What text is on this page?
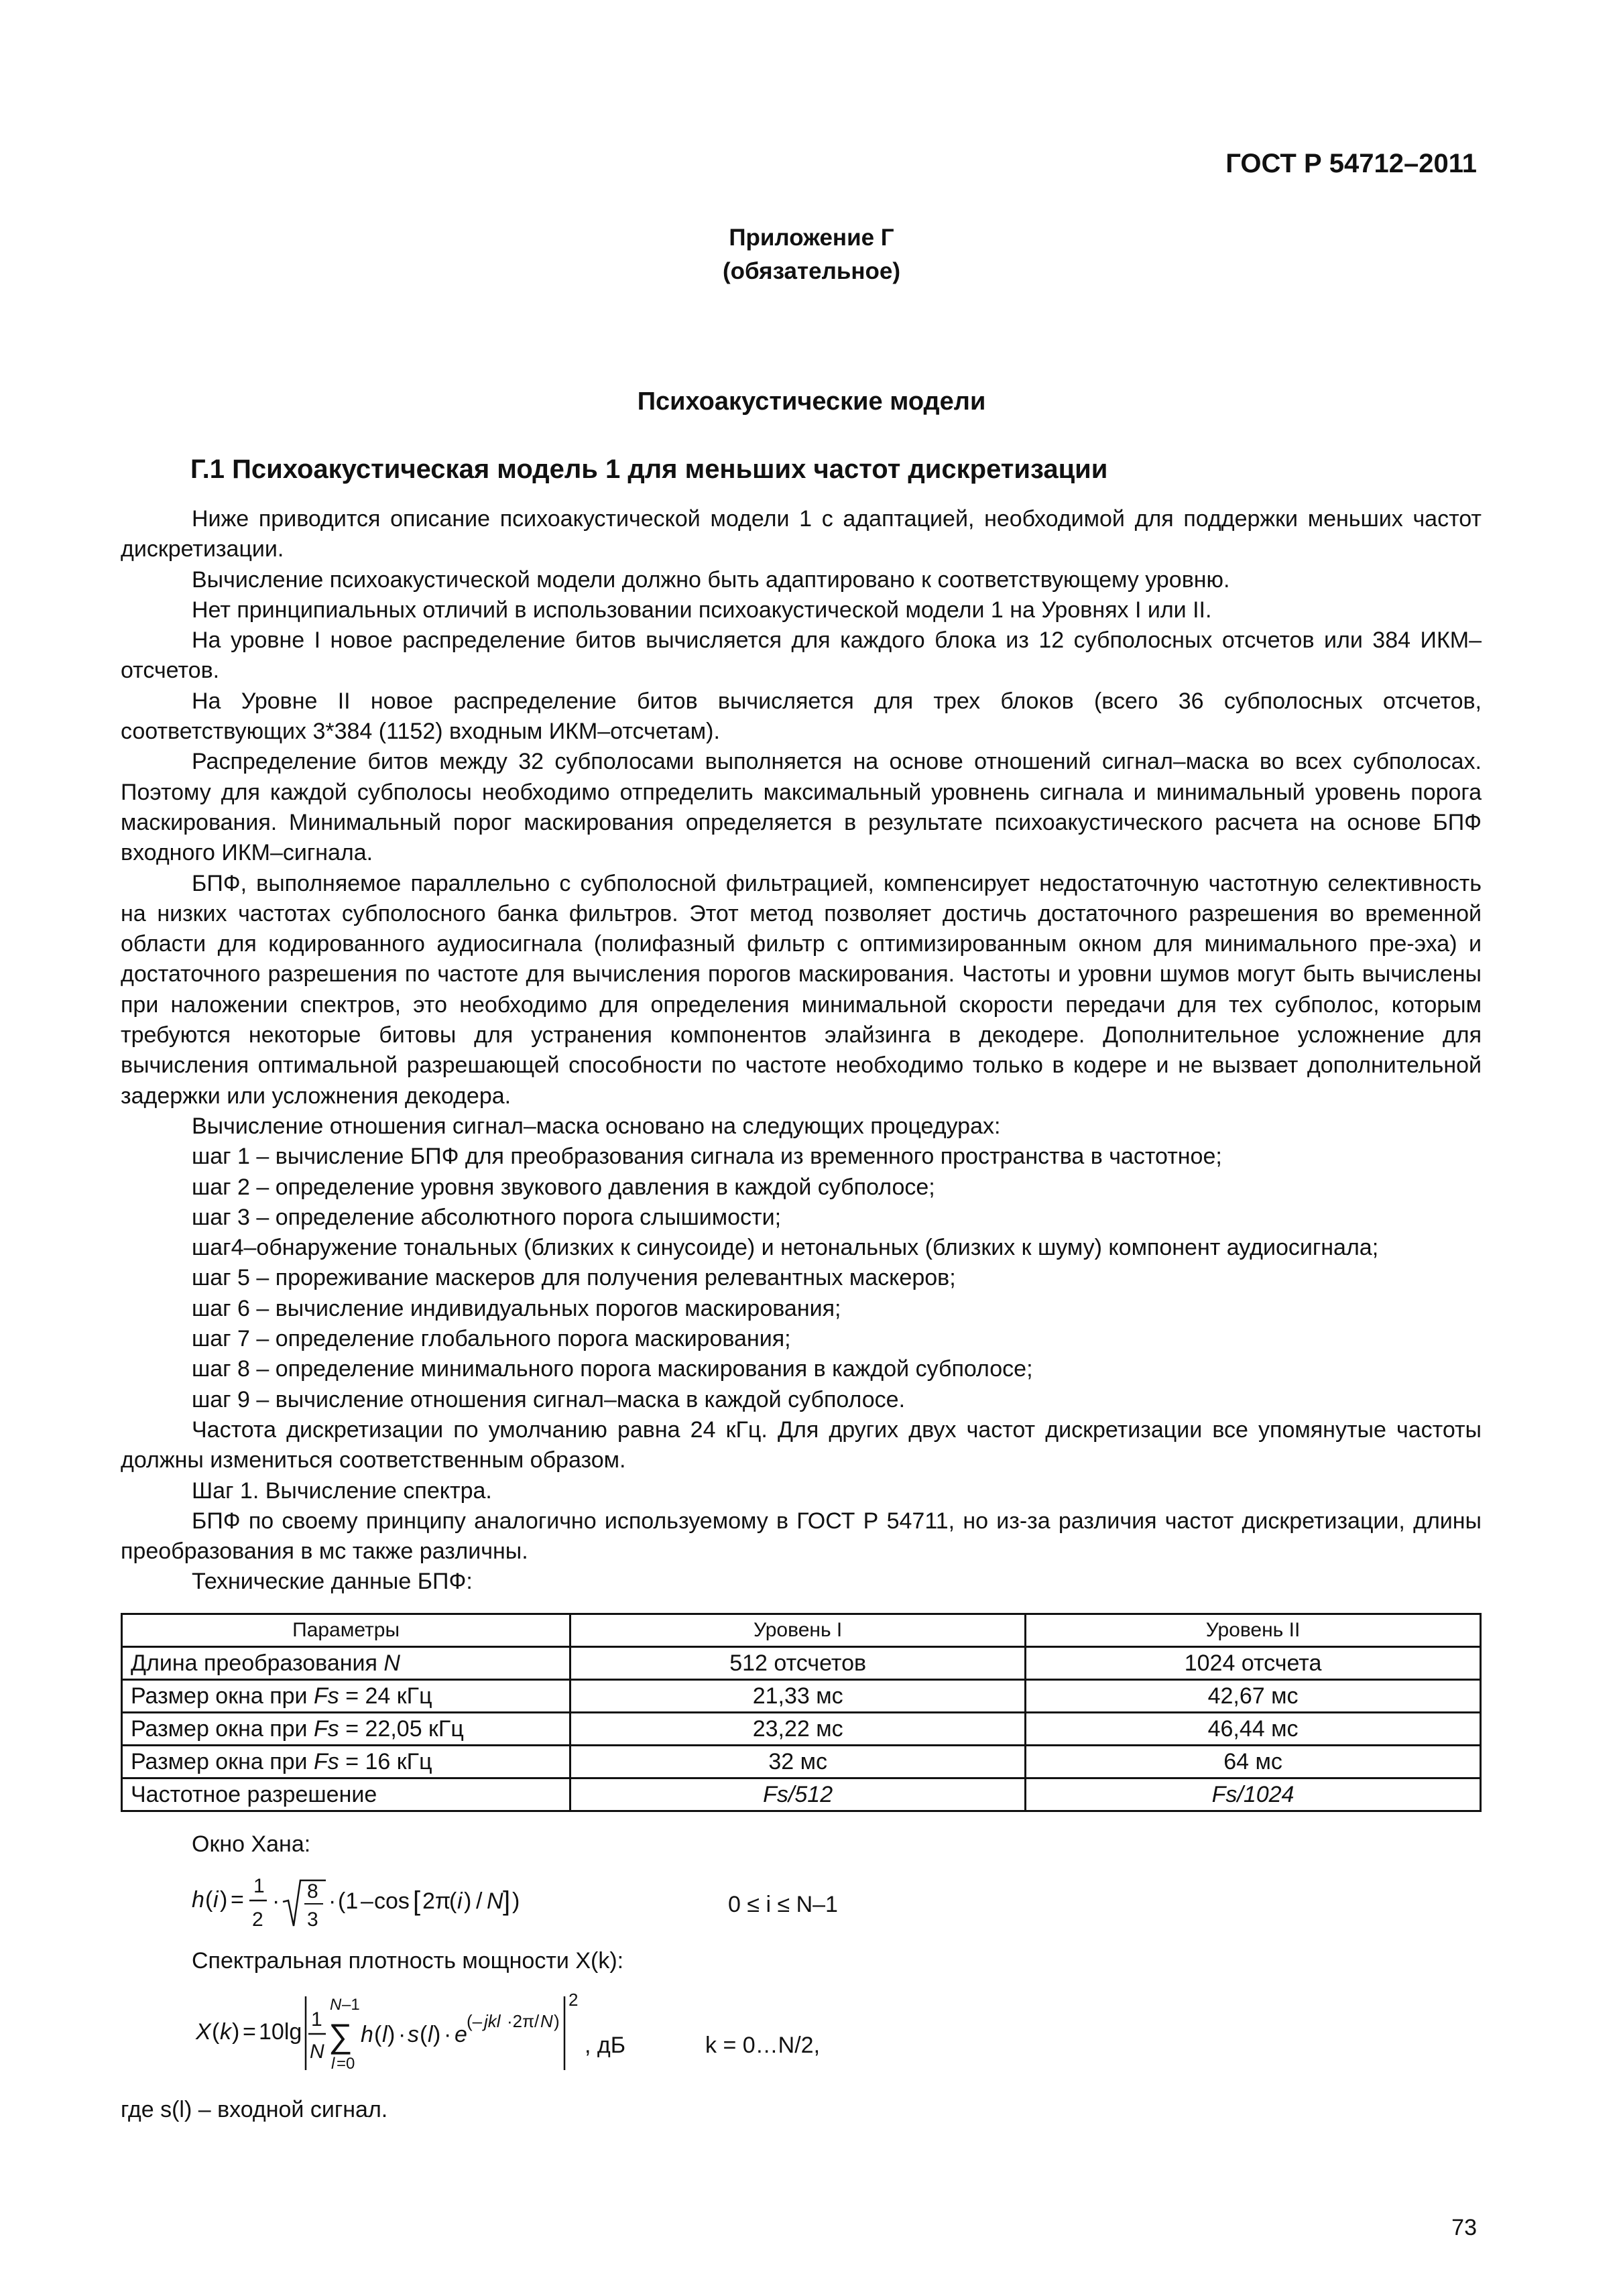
ГОСТ Р 54712–2011
Приложение Г
(обязательное)
Психоакустические модели
Г.1 Психоакустическая модель 1 для меньших частот дискретизации

Ниже приводится описание психоакустической модели 1 с адаптацией, необходимой для поддержки меньших частот дискретизации.

Вычисление психоакустической модели должно быть адаптировано к соответствующему уровню.

Нет принципиальных отличий в использовании психоакустической модели 1 на Уровнях I или II.

На уровне I новое распределение битов вычисляется для каждого блока из 12 субполосных отсчетов или 384 ИКМ–отсчетов.

На Уровне II новое распределение битов вычисляется для трех блоков (всего 36 субполосных отсчетов, соответствующих 3*384 (1152) входным ИКМ–отсчетам).

Распределение битов между 32 субполосами выполняется на основе отношений сигнал–маска во всех субполосах. Поэтому для каждой субполосы необходимо отпределить максимальный уровнень сигнала и минимальный уровень порога маскирования. Минимальный порог маскирования определяется в результате психоакустического расчета на основе БПФ входного ИКМ–сигнала.

БПФ, выполняемое параллельно с субполосной фильтрацией, компенсирует недостаточную частотную селективность на низких частотах субполосного банка фильтров. Этот метод позволяет достичь достаточного разрешения во временной области для кодированного аудиосигнала (полифазный фильтр с оптимизированным окном для минимального пре-эха) и достаточного разрешения по частоте для вычисления порогов маскирования. Частоты и уровни шумов могут быть вычислены при наложении спектров, это необходимо для определения минимальной скорости передачи для тех субполос, которым требуются некоторые битовы для устранения компонентов элайзинга в декодере. Дополнительное усложнение для вычисления оптимальной разрешающей способности по частоте необходимо только в кодере и не вызвает дополнительной задержки или усложнения декодера.

Вычисление отношения сигнал–маска основано на следующих процедурах:

шаг 1 – вычисление БПФ для преобразования сигнала из временного пространства в частотное;

шаг 2 – определение уровня звукового давления в каждой субполосе;

шаг 3 – определение абсолютного порога слышимости;

шаг4–обнаружение тональных (близких к синусоиде) и нетональных (близких к шуму) компонент аудиосигнала;

шаг 5 – прореживание маскеров для получения релевантных маскеров;

шаг 6 – вычисление индивидуальных порогов маскирования;

шаг 7 – определение глобального порога маскирования;

шаг 8 – определение минимального порога маскирования в каждой субполосе;

шаг 9 – вычисление отношения сигнал–маска в каждой субполосе.

Частота дискретизации по умолчанию равна 24 кГц. Для других двух частот дискретизации все упомянутые частоты должны измениться соответственным образом.

Шаг 1. Вычисление спектра.

БПФ по своему принципу аналогично используемому в ГОСТ Р 54711, но из-за различия частот дискретизации, длины преобразования в мс также различны.

Технические данные БПФ:

Параметры	Уровень I	Уровень II
Длина преобразования N	512 отсчетов	1024 отсчета
Размер окна при Fs = 24 кГц	21,33 мс	42,67 мс
Размер окна при Fs = 22,05 кГц	23,22 мс	46,44 мс
Размер окна при Fs = 16 кГц	32 мс	64 мс
Частотное разрешение	Fs/512	Fs/1024
Окно Хана:
h ( i ) =
1
2
· 8
3
· (1 – cos [ 2π
( i ) / N ] )	0 ≤ i ≤ N–1
Спектральная плотность мощности X(k):
X ( k ) = 10lg 1
N
N –1
∑
l =0
h ( l ) · s ( l ) · e
(– jkl ·2π/ N )
2
, дБ	k = 0…N/2,
где s(l) – входной сигнал.
73
